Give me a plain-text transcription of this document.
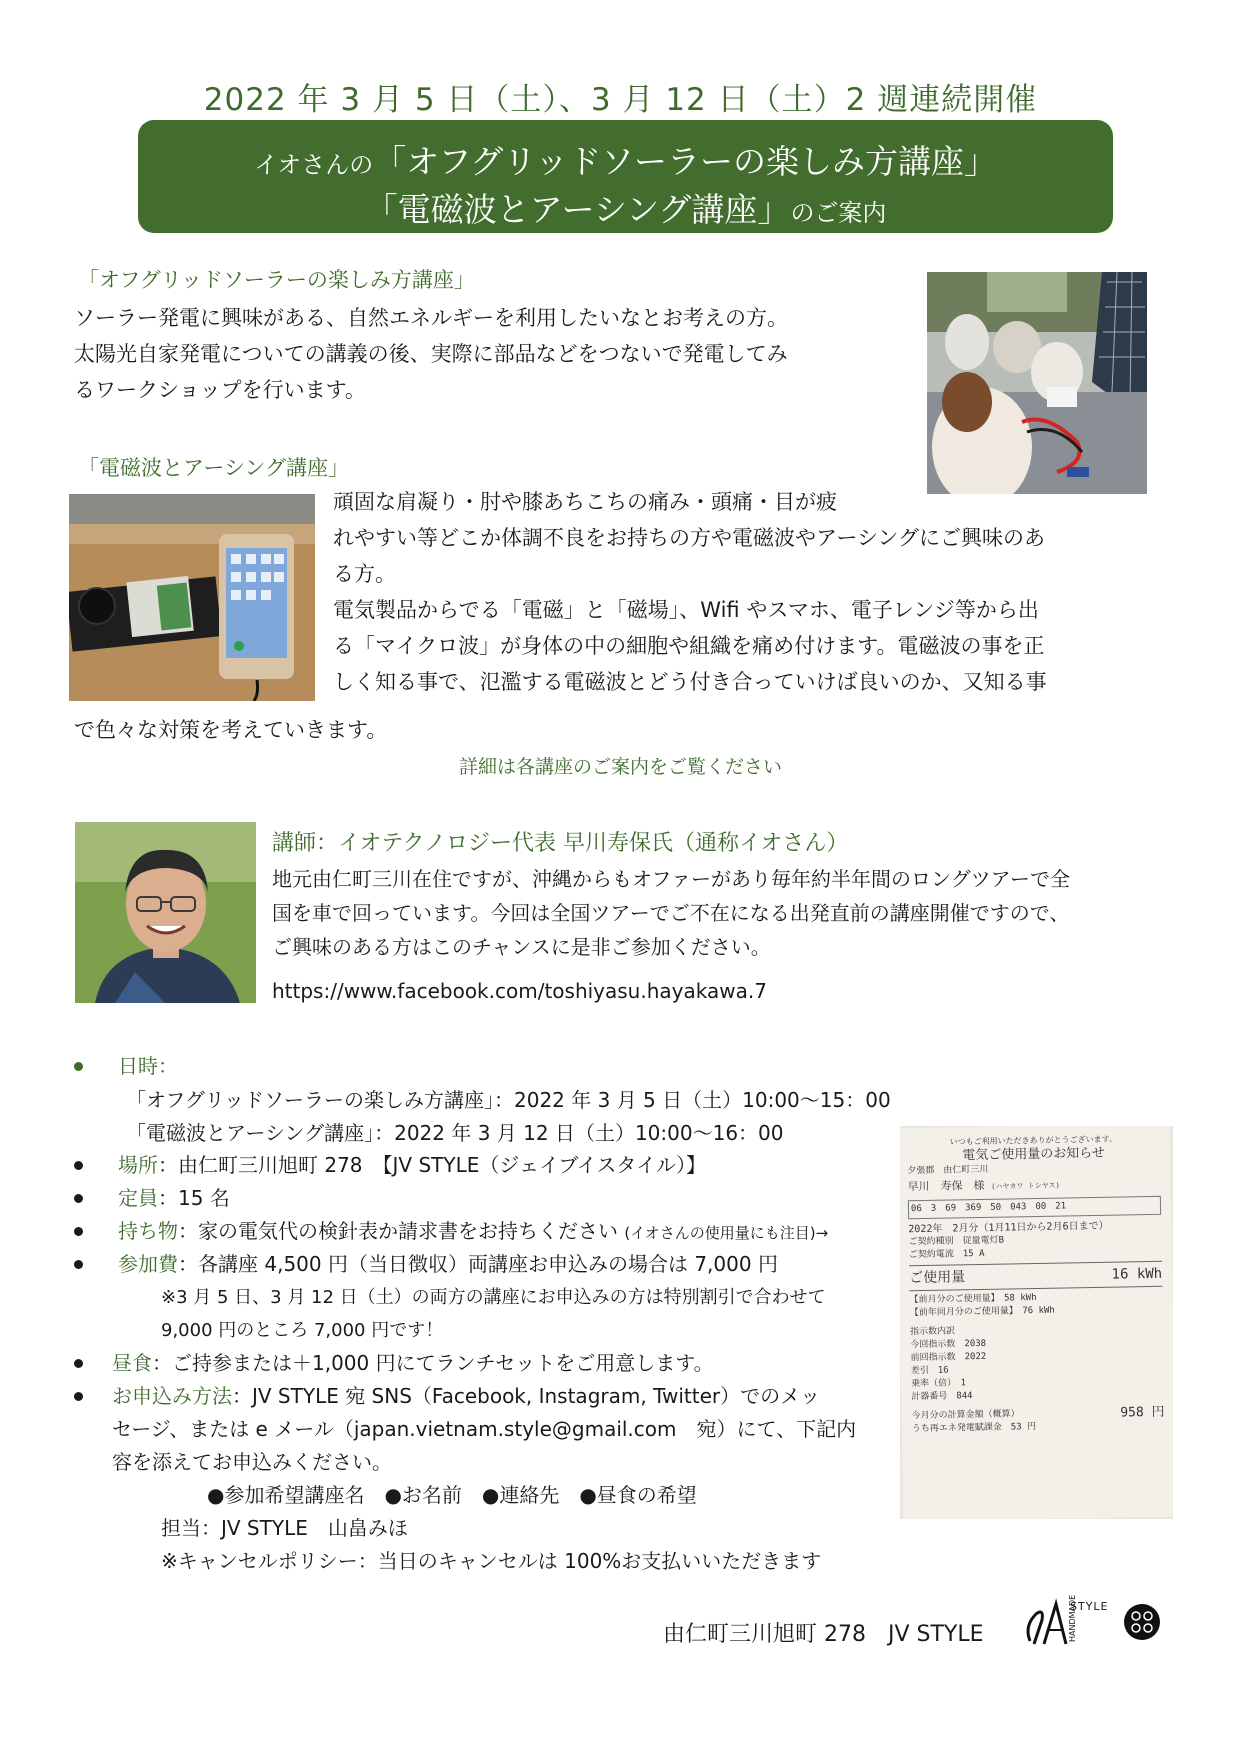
2022 年 3 月 5 日（土）、3 月 12 日（土）2 週連続開催
イオさんの「オフグリッドソーラーの楽しみ方講座」
「電磁波とアーシング講座」のご案内
「オフグリッドソーラーの楽しみ方講座」
ソーラー発電に興味がある、自然エネルギーを利用したいなとお考えの方。
太陽光自家発電についての講義の後、実際に部品などをつないで発電してみ
るワークショップを行います。
「電磁波とアーシング講座」
頑固な肩凝り・肘や膝あちこちの痛み・頭痛・目が疲
れやすい等どこか体調不良をお持ちの方や電磁波やアーシングにご興味のあ
る方。
電気製品からでる「電磁」と「磁場」、Wifi やスマホ、電子レンジ等から出
る「マイクロ波」が身体の中の細胞や組織を痛め付けます。電磁波の事を正
しく知る事で、氾濫する電磁波とどう付き合っていけば良いのか、又知る事
で色々な対策を考えていきます。
詳細は各講座のご案内をご覧ください
講師：イオテクノロジー代表 早川寿保氏（通称イオさん）
地元由仁町三川在住ですが、沖縄からもオファーがあり毎年約半年間のロングツアーで全
国を車で回っています。今回は全国ツアーでご不在になる出発直前の講座開催ですので、
ご興味のある方はこのチャンスに是非ご参加ください。
https://www.facebook.com/toshiyasu.hayakawa.7
日時：
「オフグリッドソーラーの楽しみ方講座」：2022 年 3 月 5 日（土）10:00～15：00
「電磁波とアーシング講座」：2022 年 3 月 12 日（土）10:00～16：00
場所：由仁町三川旭町 278　【JV STYLE（ジェイブイスタイル）】
定員：15 名
持ち物：家の電気代の検針表か請求書をお持ちください (イオさんの使用量にも注目)→
参加費：各講座 4,500 円（当日徴収）両講座お申込みの場合は 7,000 円
※3 月 5 日、3 月 12 日（土）の両方の講座にお申込みの方は特別割引で合わせて
9,000 円のところ 7,000 円です！
昼食：ご持参または＋1,000 円にてランチセットをご用意します。
お申込み方法：JV STYLE 宛 SNS（Facebook, Instagram, Twitter）でのメッ
セージ、または e メール（japan.vietnam.style@gmail.com　宛）にて、下記内
容を添えてお申込みください。
●参加希望講座名　●お名前　●連絡先　●昼食の希望
担当：JV STYLE　山畠みほ
※キャンセルポリシー：当日のキャンセルは 100%お支払いいただきます
いつもご利用いただきありがとうございます。
電気ご使用量のお知らせ
夕張郡　由仁町三川
早川　寿保　様 (ハヤカワ トシヤス)
06　3　69　369　50　043　00　21
2022年　2月分（1月11日から2月6日まで）
ご契約種別　従量電灯B
ご契約電流　15 A
ご使用量	16 kWh
【前月分のご使用量】　58 kWh
【前年同月分のご使用量】　76 kWh
指示数内訳
今回指示数　2038
前回指示数　2022
差引　16
乗率（倍）　1
計器番号　844
今月分の計算金額（概算）	958 円
うち再エネ発電賦課金　53 円
由仁町三川旭町 278　JV STYLE
STYLE
HANDMADE
